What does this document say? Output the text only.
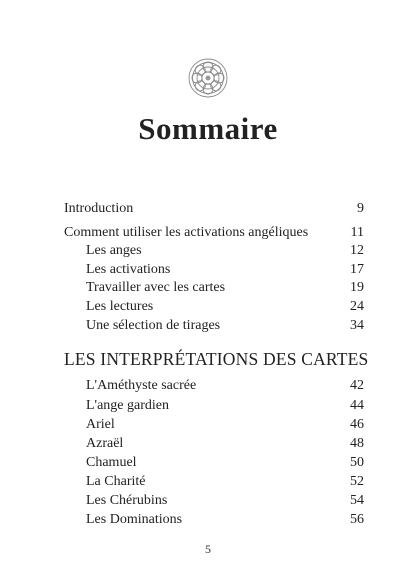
Sommaire
Introduction	9
Comment utiliser les activations angéliques	11
Les anges	12
Les activations	17
Travailler avec les cartes	19
Les lectures	24
Une sélection de tirages	34
LES INTERPRÉTATIONS DES CARTES
L'Améthyste sacrée	42
L'ange gardien	44
Ariel	46
Azraël	48
Chamuel	50
La Charité	52
Les Chérubins	54
Les Dominations	56
5
